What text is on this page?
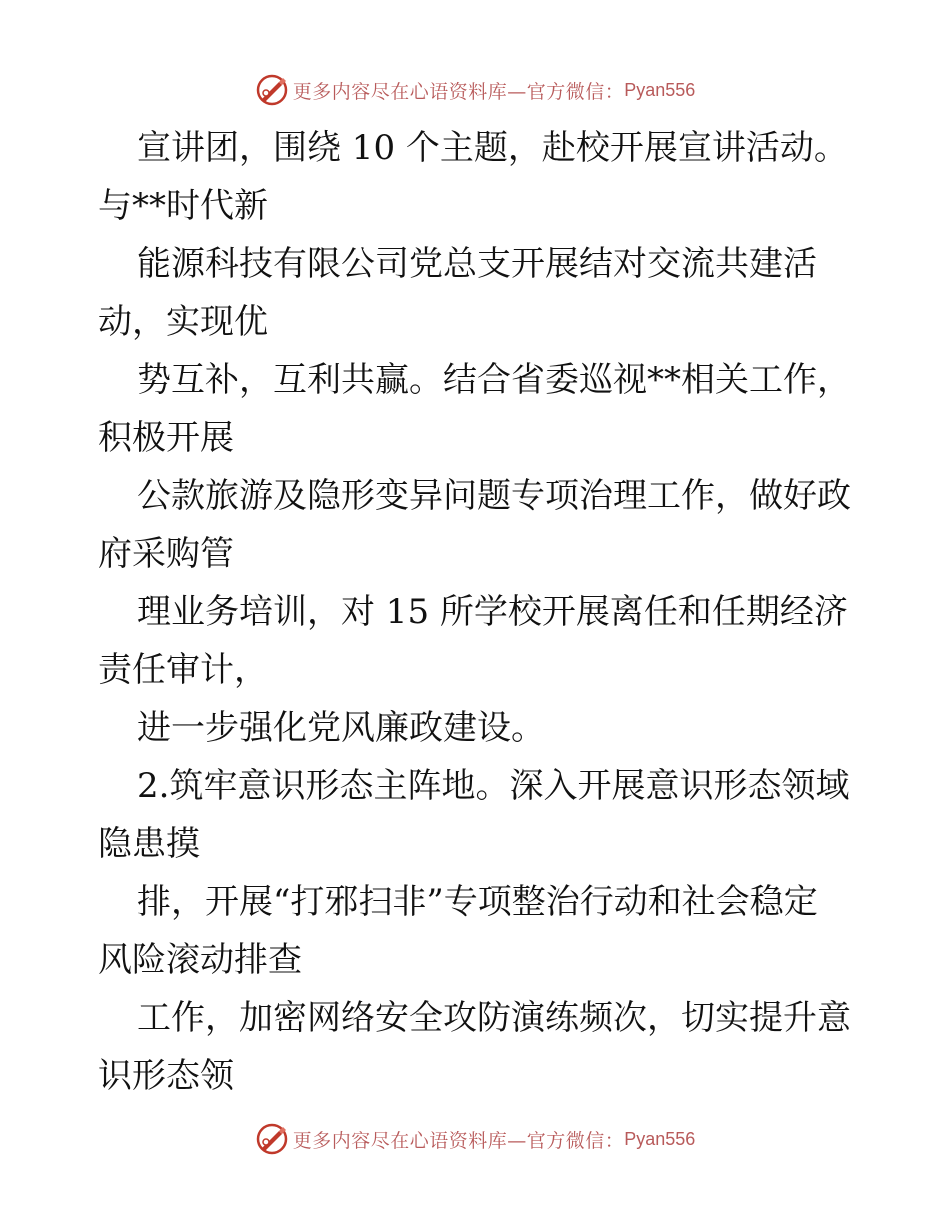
更多内容尽在心语资料库—官方微信： Pyan556
宣讲团，围绕 10 个主题，赴校开展宣讲活动。
与**时代新
能源科技有限公司党总支开展结对交流共建活
动，实现优
势互补，互利共赢。结合省委巡视**相关工作，
积极开展
公款旅游及隐形变异问题专项治理工作，做好政
府采购管
理业务培训，对 15 所学校开展离任和任期经济
责任审计，
进一步强化党风廉政建设。
2.筑牢意识形态主阵地。深入开展意识形态领域
隐患摸
排，开展“打邪扫非”专项整治行动和社会稳定
风险滚动排查
工作，加密网络安全攻防演练频次，切实提升意
识形态领
更多内容尽在心语资料库—官方微信： Pyan556
